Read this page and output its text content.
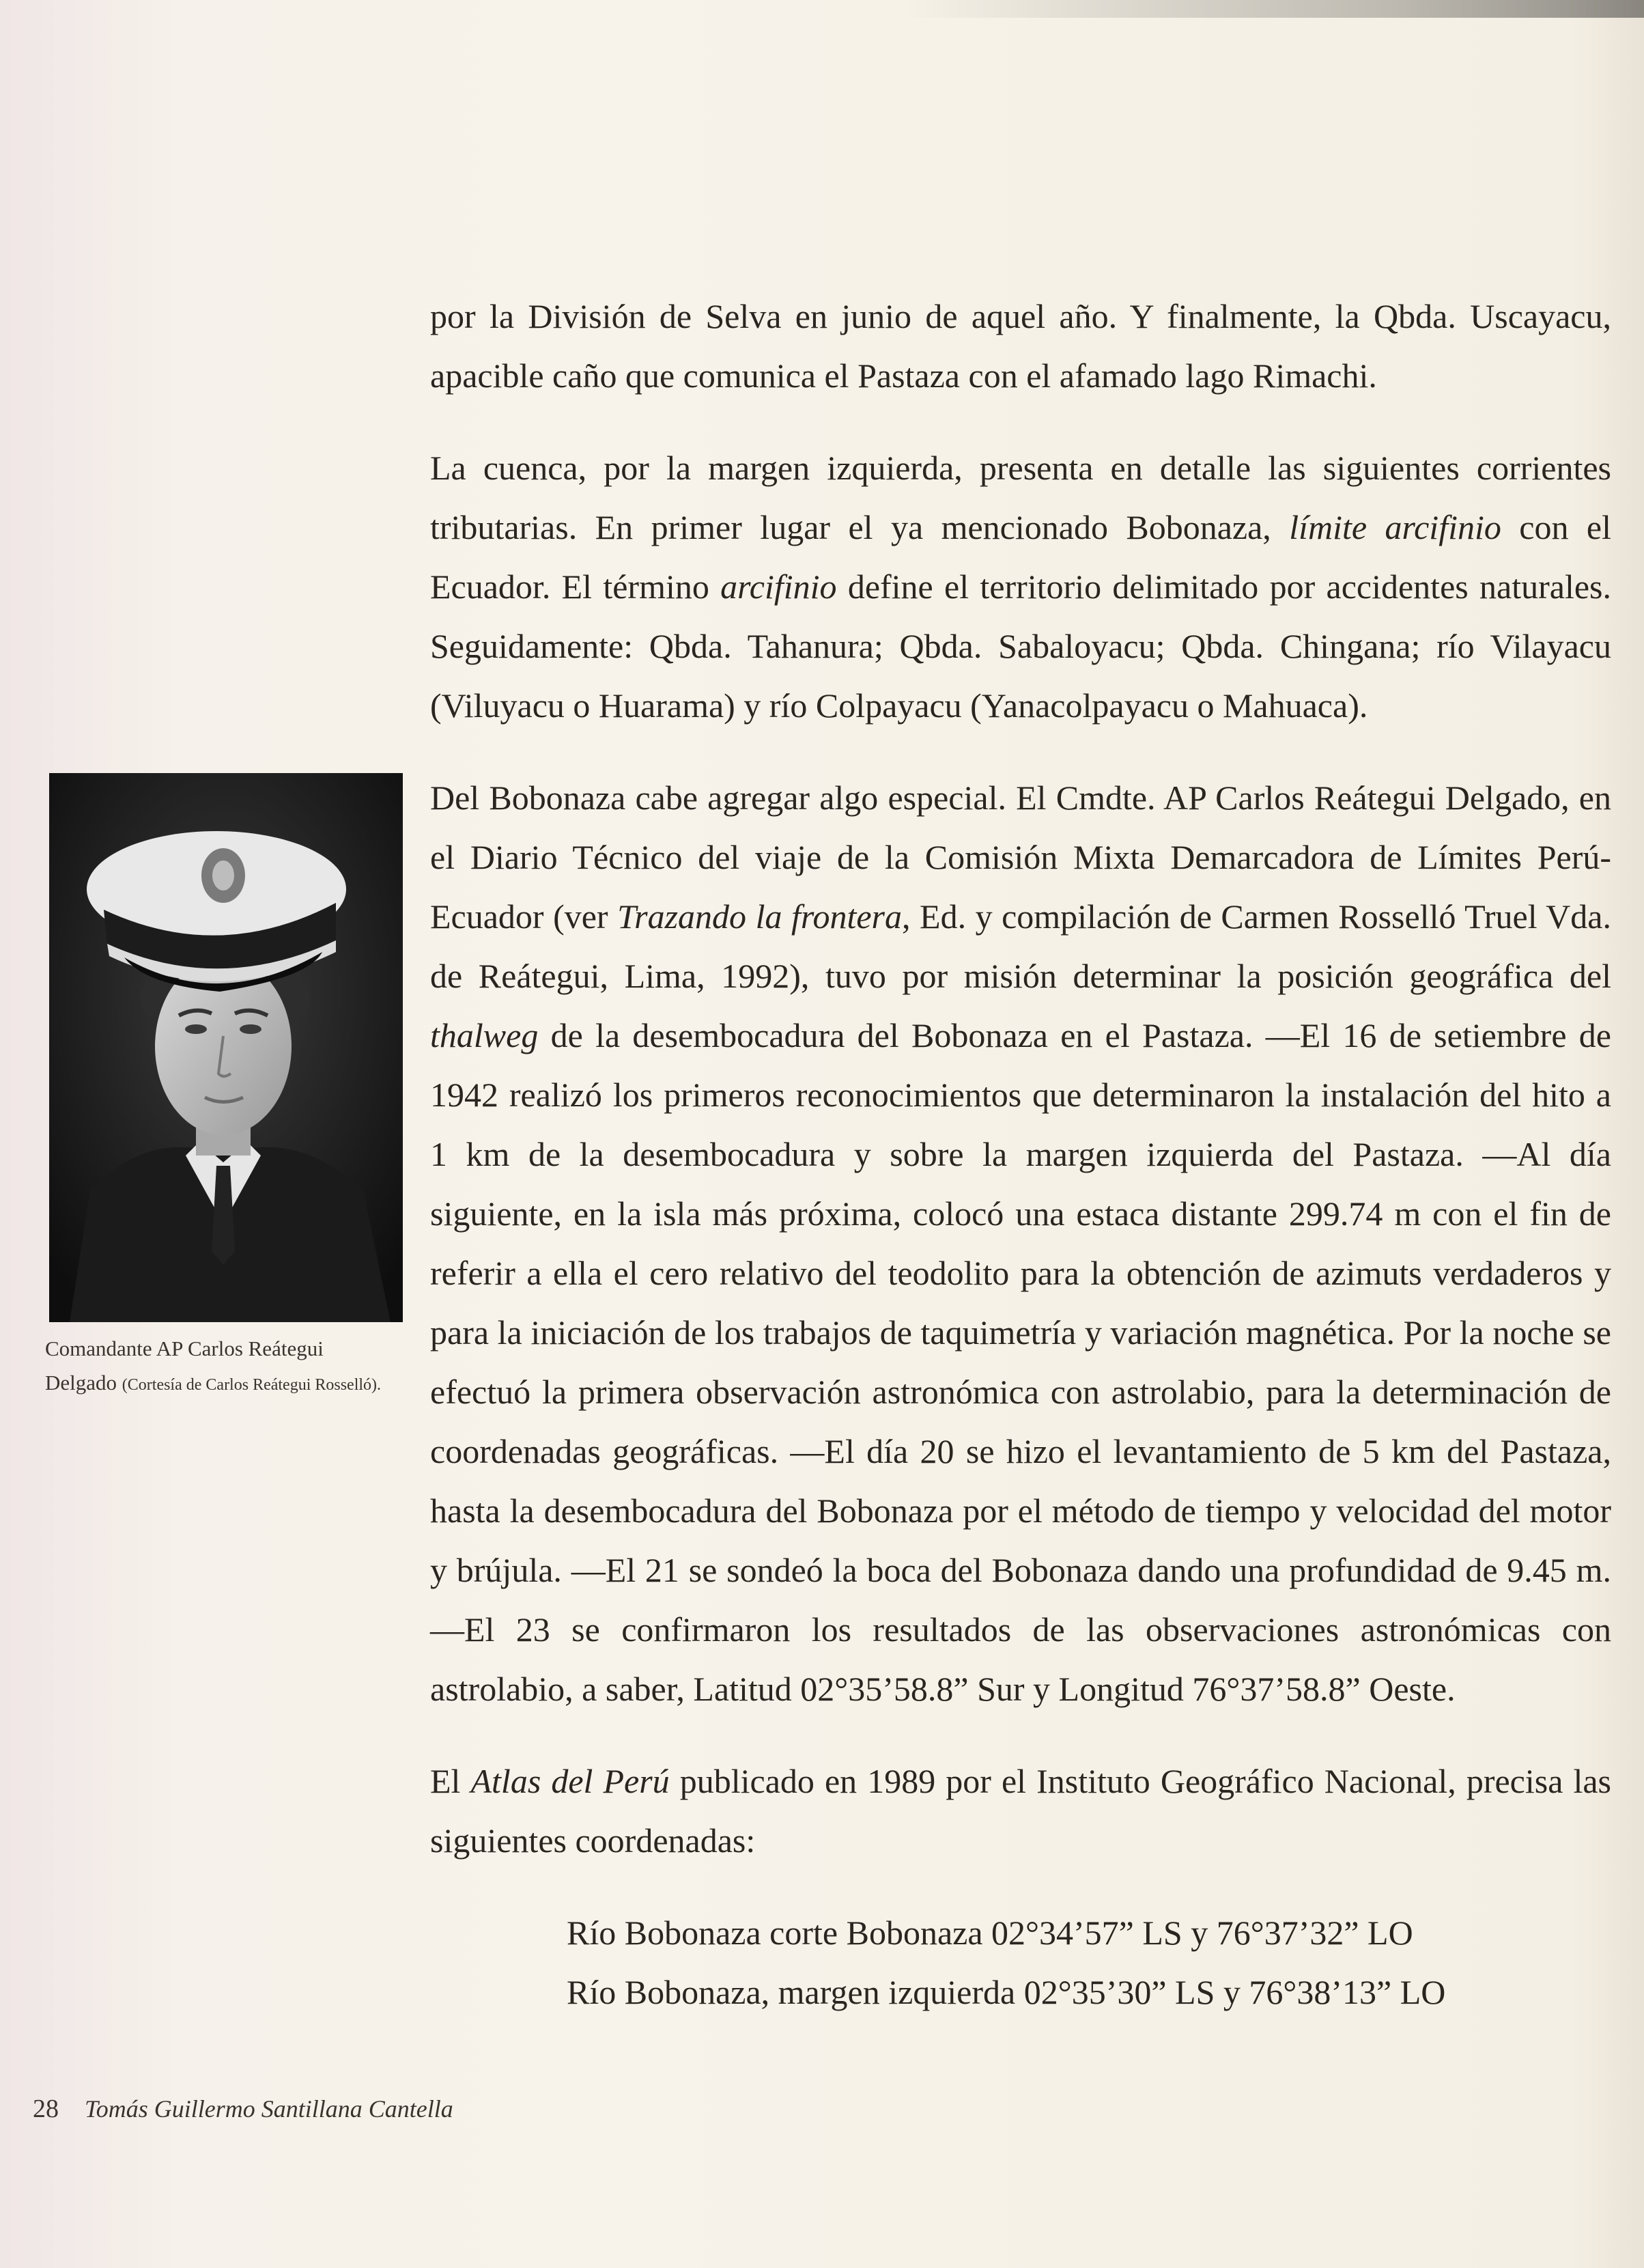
por la División de Selva en junio de aquel año. Y finalmente, la Qbda. Uscayacu, apacible caño que comunica el Pastaza con el afamado lago Rimachi.

La cuenca, por la margen izquierda, presenta en detalle las siguientes corrientes tributarias. En primer lugar el ya mencionado Bobonaza, límite arcifinio con el Ecuador. El término arcifinio define el territorio delimitado por accidentes naturales. Seguidamente: Qbda. Tahanura; Qbda. Sabaloyacu; Qbda. Chingana; río Vilayacu (Viluyacu o Huarama) y río Colpayacu (Yanacolpayacu o Mahuaca).

Del Bobonaza cabe agregar algo especial. El Cmdte. AP Carlos Reátegui Delgado, en el Diario Técnico del viaje de la Comisión Mixta Demarcadora de Límites Perú-Ecuador (ver Trazando la frontera, Ed. y compilación de Carmen Rosselló Truel Vda. de Reátegui, Lima, 1992), tuvo por misión determinar la posición geográfica del thalweg de la desembocadura del Bobonaza en el Pastaza. —El 16 de setiembre de 1942 realizó los primeros reconocimientos que determinaron la instalación del hito a 1 km de la desembocadura y sobre la margen izquierda del Pastaza. —Al día siguiente, en la isla más próxima, colocó una estaca distante 299.74 m con el fin de referir a ella el cero relativo del teodolito para la obtención de azimuts verdaderos y para la iniciación de los trabajos de taquimetría y variación magnética. Por la noche se efectuó la primera observación astronómica con astrolabio, para la determinación de coordenadas geográficas. —El día 20 se hizo el levantamiento de 5 km del Pastaza, hasta la desembocadura del Bobonaza por el método de tiempo y velocidad del motor y brújula. —El 21 se sondeó la boca del Bobonaza dando una profundidad de 9.45 m. —El 23 se confirmaron los resultados de las observaciones astronómicas con astrolabio, a saber, Latitud 02°35’58.8” Sur y Longitud 76°37’58.8” Oeste.

El Atlas del Perú publicado en 1989 por el Instituto Geográfico Nacional, precisa las siguientes coordenadas:

Río Bobonaza corte Bobonaza 02°34’57” LS y 76°37’32” LO
Río Bobonaza, margen izquierda 02°35’30” LS y 76°38’13” LO
Comandante AP Carlos Reátegui Delgado (Cortesía de Carlos Reátegui Rosselló).
28 Tomás Guillermo Santillana Cantella
